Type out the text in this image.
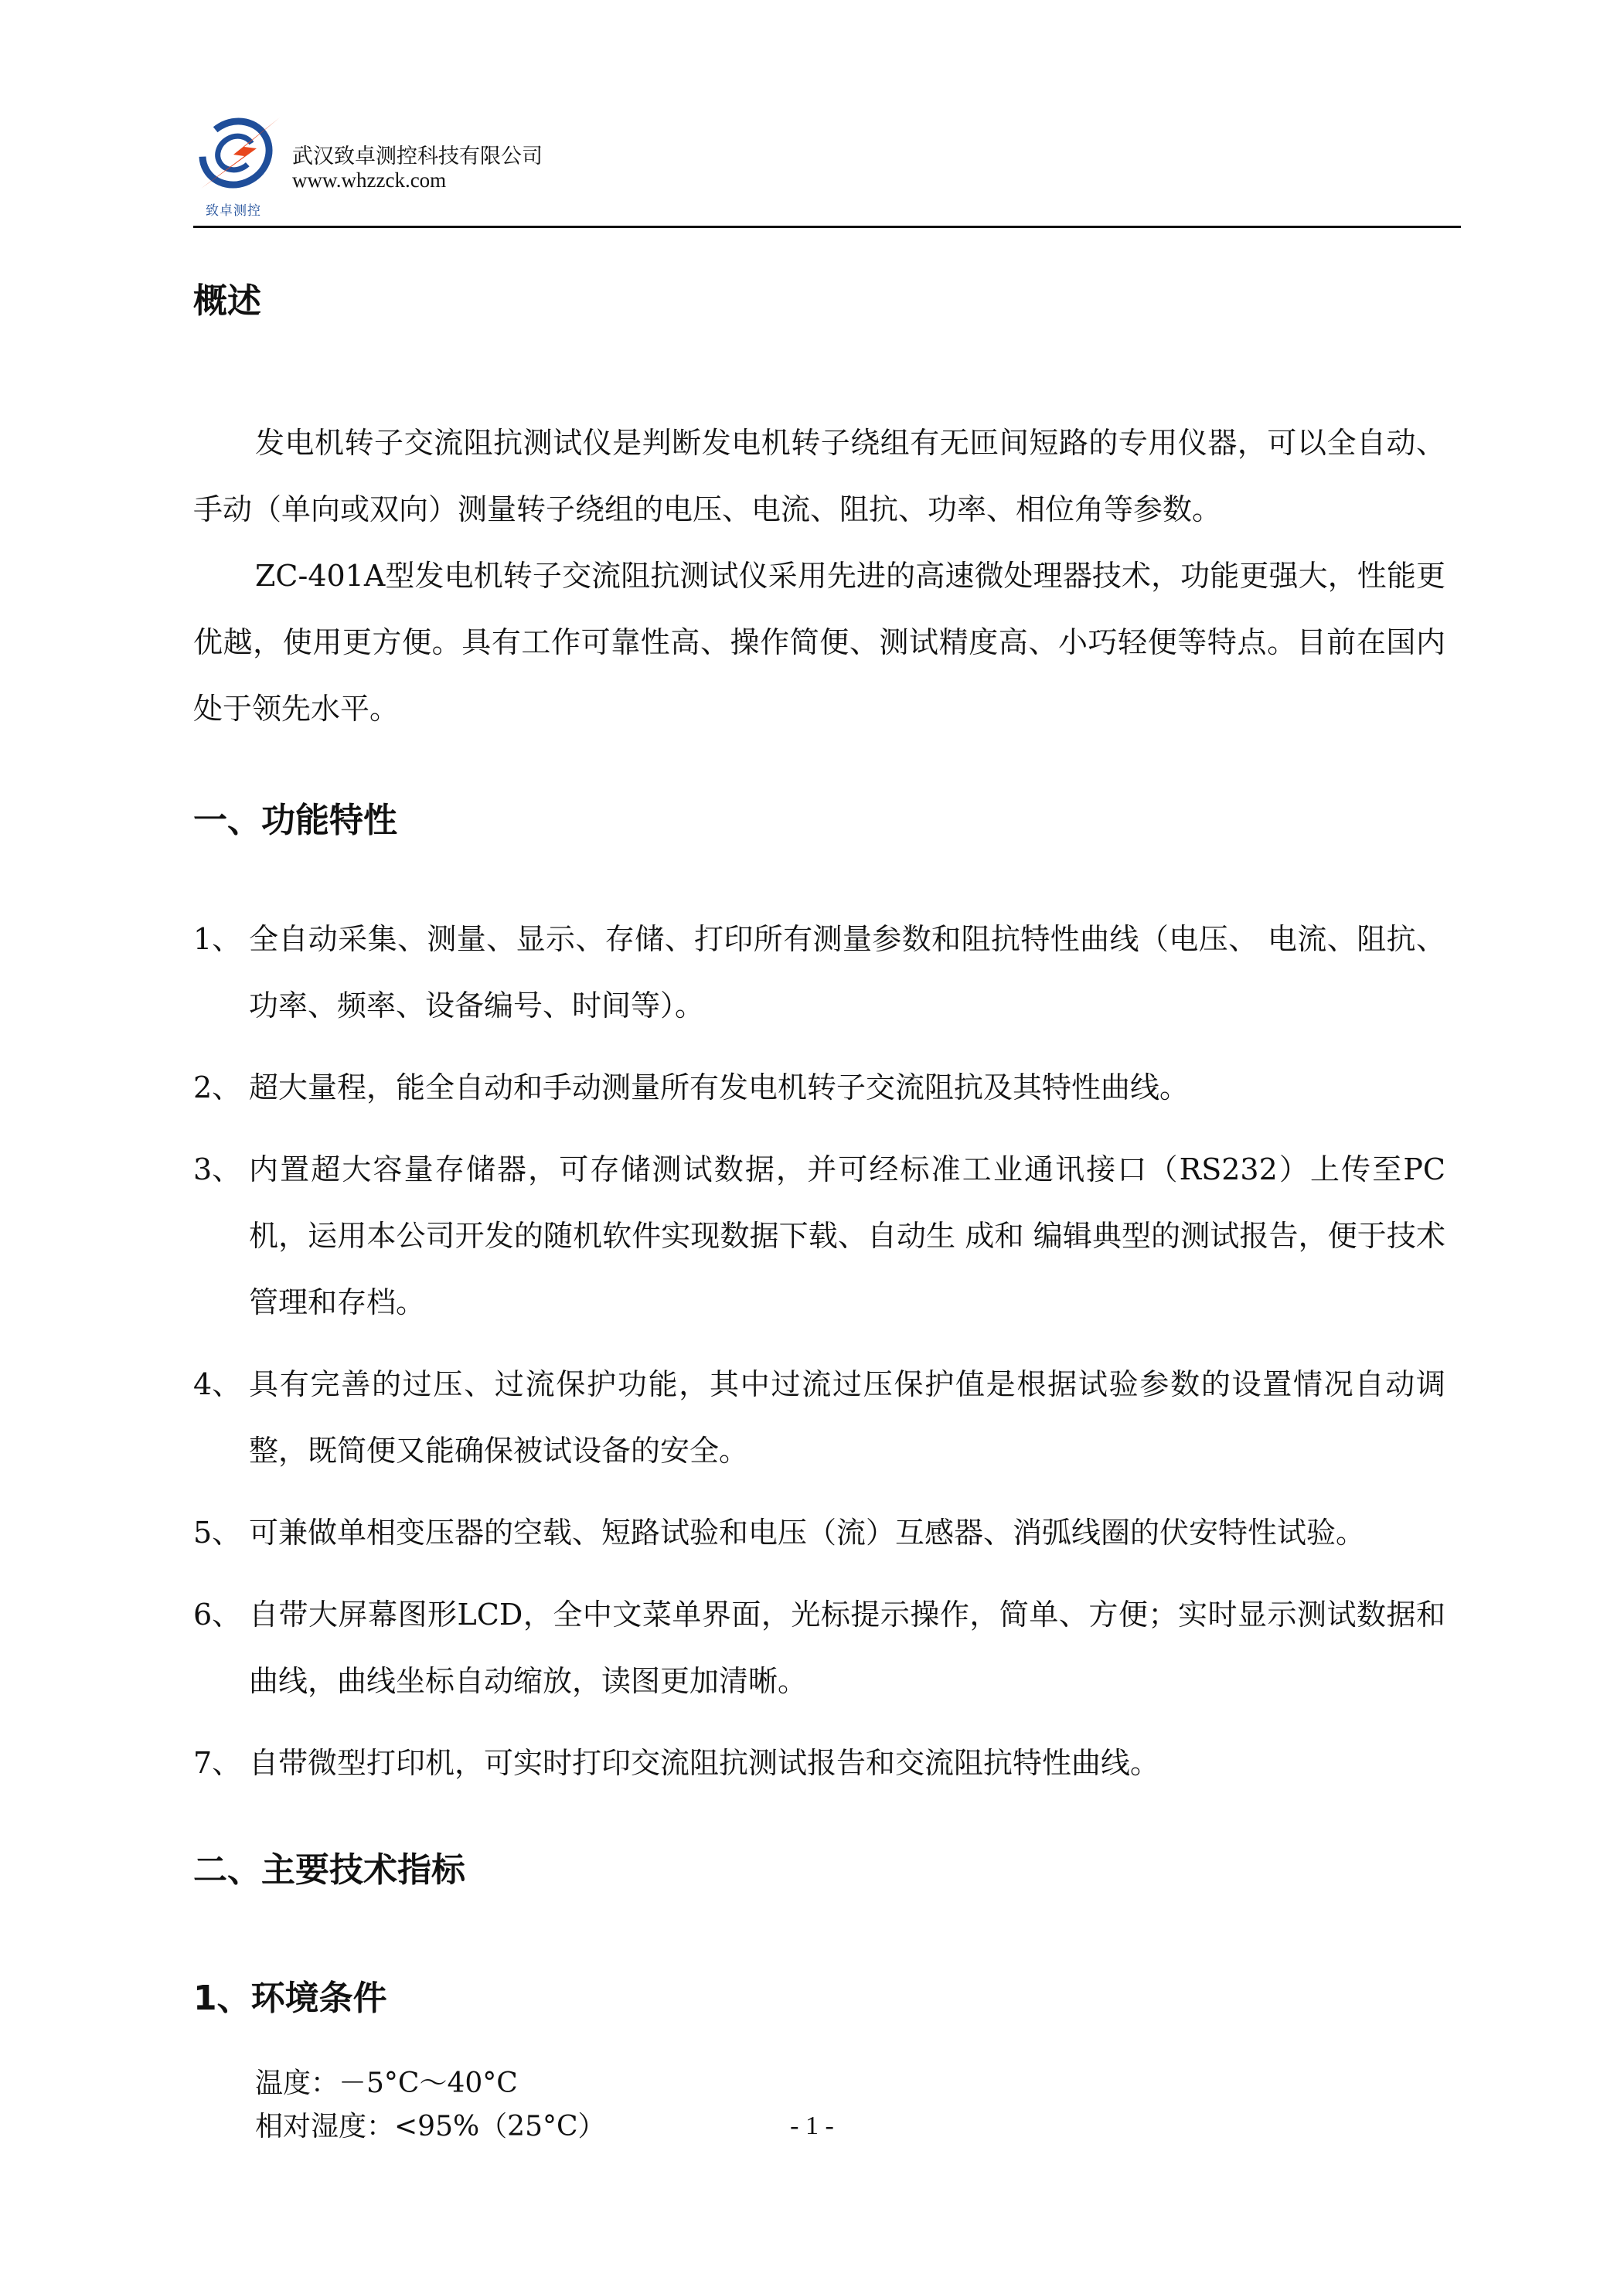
致卓测控
武汉致卓测控科技有限公司
www.whzzck.com
概述

发电机转子交流阻抗测试仪是判断发电机转子绕组有无匝间短路的专用仪器，可以全自动、手动（单向或双向）测量转子绕组的电压、电流、阻抗、功率、相位角等参数。

ZC-401A型发电机转子交流阻抗测试仪采用先进的高速微处理器技术，功能更强大，性能更优越，使用更方便。具有工作可靠性高、操作简便、测试精度高、小巧轻便等特点。目前在国内处于领先水平。

一、功能特性
1、 全自动采集、测量、显示、存储、打印所有测量参数和阻抗特性曲线（电压、 电流、阻抗、功率、频率、设备编号、时间等）。
2、 超大量程，能全自动和手动测量所有发电机转子交流阻抗及其特性曲线。
3、 内置超大容量存储器，可存储测试数据，并可经标准工业通讯接口（RS232）上传至PC机，运用本公司开发的随机软件实现数据下载、自动生 成和 编辑典型的测试报告，便于技术管理和存档。
4、 具有完善的过压、过流保护功能，其中过流过压保护值是根据试验参数的设置情况自动调整，既简便又能确保被试设备的安全。
5、 可兼做单相变压器的空载、短路试验和电压（流）互感器、消弧线圈的伏安特性试验。
6、 自带大屏幕图形LCD，全中文菜单界面，光标提示操作，简单、方便；实时显示测试数据和曲线，曲线坐标自动缩放，读图更加清晰。
7、 自带微型打印机，可实时打印交流阻抗测试报告和交流阻抗特性曲线。
二、主要技术指标
1、环境条件
温度：－5°C～40°C
相对湿度：<95%（25°C）	- 1 -
